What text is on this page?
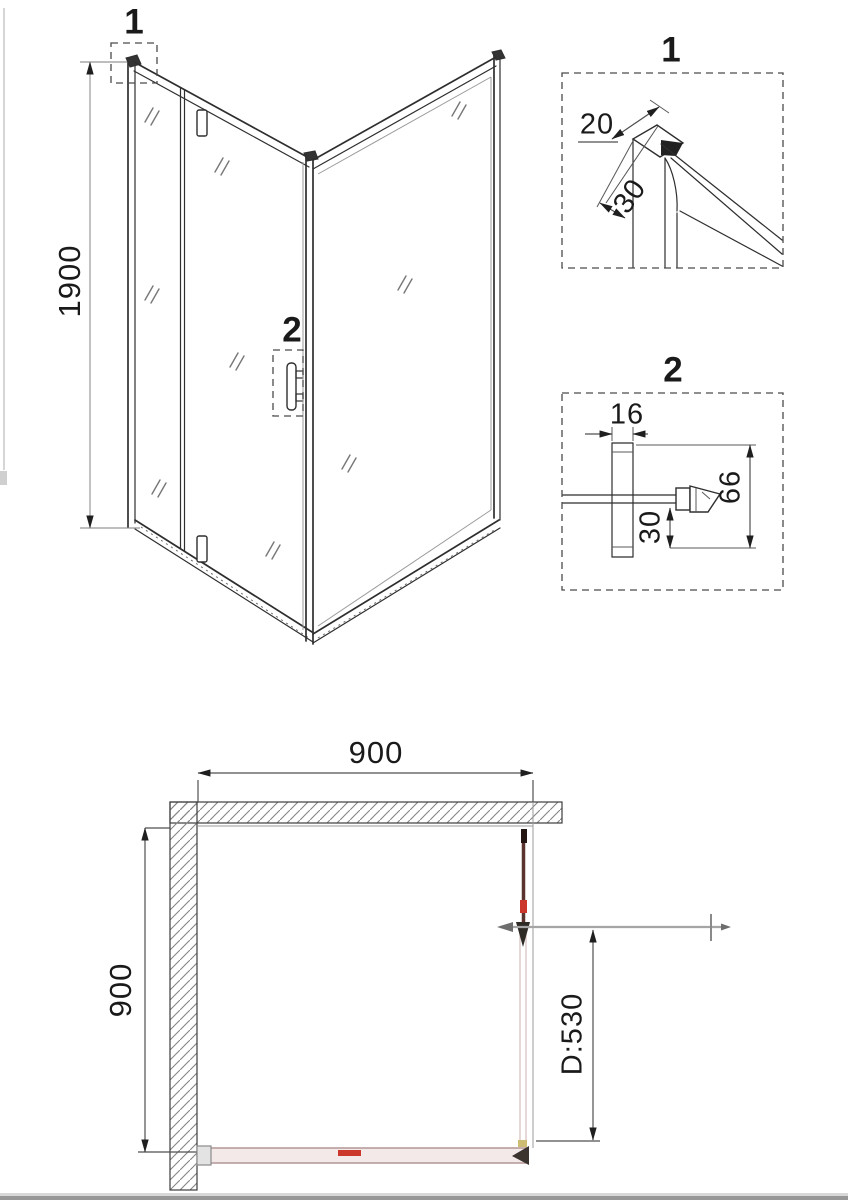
1900
1
2
1
20
30
2
16
66
30
900
900
D:530
